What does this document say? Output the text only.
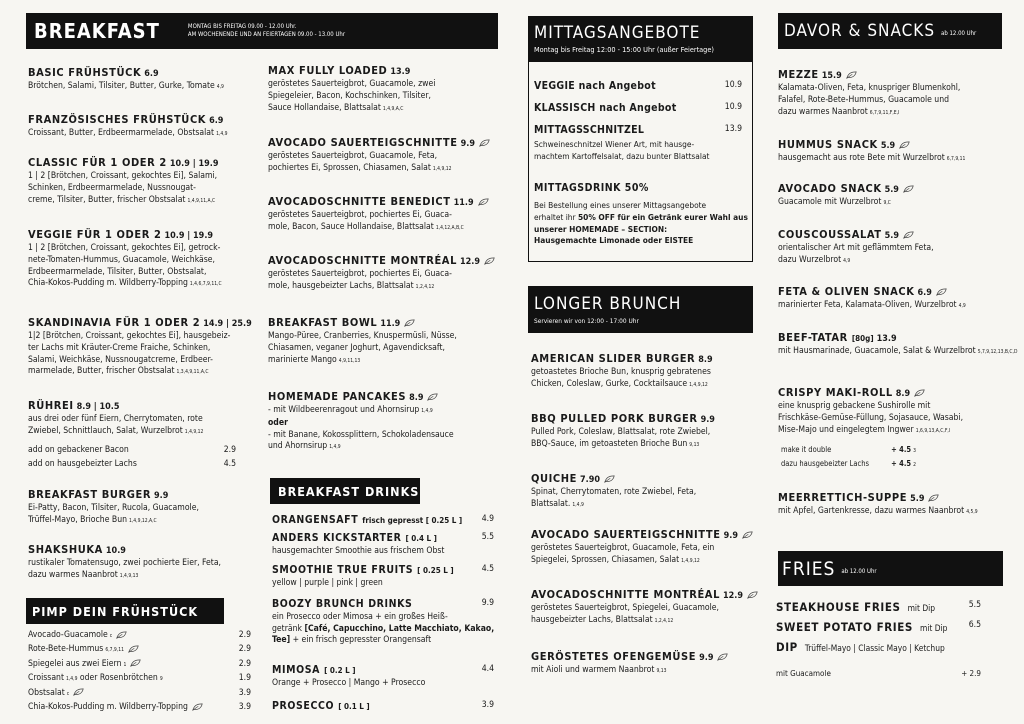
BREAKFAST	MONTAG BIS FREITAG 09.00 - 12.00 Uhr.
AM WOCHENENDE UND AN FEIERTAGEN 09.00 - 13.00 Uhr
PIMP DEIN FRÜHSTÜCK
BREAKFAST DRINKS
MITTAGSANGEBOTE
Montag bis Freitag 12:00 - 15:00 Uhr (außer Feiertage)
LONGER BRUNCH
Servieren wir von 12:00 - 17:00 Uhr
DAVOR & SNACKS ab 12.00 Uhr
FRIES ab 12.00 Uhr
BASIC FRÜHSTÜCK 6.9
Brötchen, Salami, Tilsiter, Butter, Gurke, Tomate 4,9
FRANZÖSISCHES FRÜHSTÜCK 6.9
Croissant, Butter, Erdbeermarmelade, Obstsalat 1,4,9
CLASSIC FÜR 1 ODER 2 10.9 | 19.9
1 | 2 [Brötchen, Croissant, gekochtes Ei], Salami,
Schinken, Erdbeermarmelade, Nussnougat-
creme, Tilsiter, Butter, frischer Obstsalat 1,4,9,11,A,C
VEGGIE FÜR 1 ODER 2 10.9 | 19.9
1 | 2 [Brötchen, Croissant, gekochtes Ei], getrock-
nete-Tomaten-Hummus, Guacamole, Weichkäse,
Erdbeermarmelade, Tilsiter, Butter, Obstsalat,
Chia-Kokos-Pudding m. Wildberry-Topping 1,4,6,7,9,11,C
SKANDINAVIA FÜR 1 ODER 2 14.9 | 25.9
1|2 [Brötchen, Croissant, gekochtes Ei], hausgebeiz-
ter Lachs mit Kräuter-Creme Fraiche, Schinken,
Salami, Weichkäse, Nussnougatcreme, Erdbeer-
marmelade, Butter, frischer Obstsalat 1,3,4,9,11,A,C
RÜHREI 8.9 | 10.5
aus drei oder fünf Eiern, Cherrytomaten, rote
Zwiebel, Schnittlauch, Salat, Wurzelbrot 1,4,9,12
BREAKFAST BURGER 9.9
Ei-Patty, Bacon, Tilsiter, Rucola, Guacamole,
Trüffel-Mayo, Brioche Bun 1,4,9,12,A,C
SHAKSHUKA 10.9
rustikaler Tomatensugo, zwei pochierte Eier, Feta,
dazu warmes Naanbrot 1,4,9,13
add on gebackener Bacon	2.9
add on hausgebeizter Lachs	4.5
Avocado-Guacamole c	2.9
Rote-Bete-Hummus 6,7,9,11	2.9
Spiegelei aus zwei Eiern 1	2.9
Croissant 1,4,9 oder Rosenbrötchen 9	1.9
Obstsalat c	3.9
Chia-Kokos-Pudding m. Wildberry-Topping	3.9
MAX FULLY LOADED 13.9
geröstetes Sauerteigbrot, Guacamole, zwei
Spiegeleier, Bacon, Kochschinken, Tilsiter,
Sauce Hollandaise, Blattsalat 1,4,9,A,C
AVOCADO SAUERTEIGSCHNITTE 9.9
geröstetes Sauerteigbrot, Guacamole, Feta,
pochiertes Ei, Sprossen, Chiasamen, Salat 1,4,9,12
AVOCADOSCHNITTE BENEDICT 11.9
geröstetes Sauerteigbrot, pochiertes Ei, Guaca-
mole, Bacon, Sauce Hollandaise, Blattsalat 1,4,12,A,B,C
AVOCADOSCHNITTE MONTRÉAL 12.9
geröstetes Sauerteigbrot, pochiertes Ei, Guaca-
mole, hausgebeizter Lachs, Blattsalat 1,2,4,12
BREAKFAST BOWL 11.9
Mango-Püree, Cranberries, Knuspermüsli, Nüsse,
Chiasamen, veganer Joghurt, Agavendicksaft,
marinierte Mango 4,9,11,13
HOMEMADE PANCAKES 8.9
- mit Wildbeerenragout und Ahornsirup 1,4,9
oder
- mit Banane, Kokossplittern, Schokoladensauce
und Ahornsirup 1,4,9
ORANGENSAFT frisch gepresst [ 0.25 L ] 4.9
ANDERS KICKSTARTER [ 0.4 L ]	5.5
hausgemachter Smoothie aus frischem Obst
SMOOTHIE TRUE FRUITS [ 0.25 L ]	4.5
yellow | purple | pink | green
BOOZY BRUNCH DRINKS	9.9
ein Prosecco oder Mimosa + ein großes Heiß-
getränk [Café, Capucchino, Latte Macchiato, Kakao,
Tee] + ein frisch gepresster Orangensaft
MIMOSA [ 0.2 L ]	4.4
Orange + Prosecco | Mango + Prosecco
PROSECCO [ 0.1 L ]	3.9
VEGGIE nach Angebot	10.9
KLASSISCH nach Angebot	10.9
MITTAGSSCHNITZEL	13.9
Schweineschnitzel Wiener Art, mit hausge-
machtem Kartoffelsalat, dazu bunter Blattsalat
MITTAGSDRINK 50%
Bei Bestellung eines unserer Mittagsangebote
erhaltet ihr 50% OFF für ein Getränk eurer Wahl aus
unserer HOMEMADE – SECTION:
Hausgemachte Limonade oder EISTEE
AMERICAN SLIDER BURGER 8.9
getoastetes Brioche Bun, knusprig gebratenes
Chicken, Coleslaw, Gurke, Cocktailsauce 1,4,9,12
BBQ PULLED PORK BURGER 9.9
Pulled Pork, Coleslaw, Blattsalat, rote Zwiebel,
BBQ-Sauce, im getoasteten Brioche Bun 9,13
QUICHE 7.90
Spinat, Cherrytomaten, rote Zwiebel, Feta,
Blattsalat. 1,4,9
AVOCADO SAUERTEIGSCHNITTE 9.9
geröstetes Sauerteigbrot, Guacamole, Feta, ein
Spiegelei, Sprossen, Chiasamen, Salat 1,4,9,12
AVOCADOSCHNITTE MONTRÉAL 12.9
geröstetes Sauerteigbrot, Spiegelei, Guacamole,
hausgebeizter Lachs, Blattsalat 1,2,4,12
GERÖSTETES OFENGEMÜSE 9.9
mit Aioli und warmem Naanbrot 9,13
MEZZE 15.9
Kalamata-Oliven, Feta, knuspriger Blumenkohl,
Falafel, Rote-Bete-Hummus, Guacamole und
dazu warmes Naanbrot 6,7,9,11,F,E,I
HUMMUS SNACK 5.9
hausgemacht aus rote Bete mit Wurzelbrot 6,7,9,11
AVOCADO SNACK 5.9
Guacamole mit Wurzelbrot 9,C
COUSCOUSSALAT 5.9
orientalischer Art mit geflämmtem Feta,
dazu Wurzelbrot 4,9
FETA & OLIVEN SNACK 6.9
marinierter Feta, Kalamata-Oliven, Wurzelbrot 4,9
BEEF-TATAR [80g] 13.9
mit Hausmarinade, Guacamole, Salat & Wurzelbrot 5,7,9,12,13,B,C,D
CRISPY MAKI-ROLL 8.9
eine knusprig gebackene Sushirolle mit
Frischkäse-Gemüse-Füllung, Sojasauce, Wasabi,
Mise-Majo und eingelegtem Ingwer 1,6,9,13,A,C,F,I
MEERRETTICH-SUPPE 5.9
mit Apfel, Gartenkresse, dazu warmes Naanbrot 4,5,9
make it double	+ 4.5 3
dazu hausgebeizter Lachs	+ 4.5 2
STEAKHOUSE FRIES mit Dip	5.5
SWEET POTATO FRIES mit Dip 6.5
DIP Trüffel-Mayo | Classic Mayo | Ketchup
mit Guacamole	+ 2.9
